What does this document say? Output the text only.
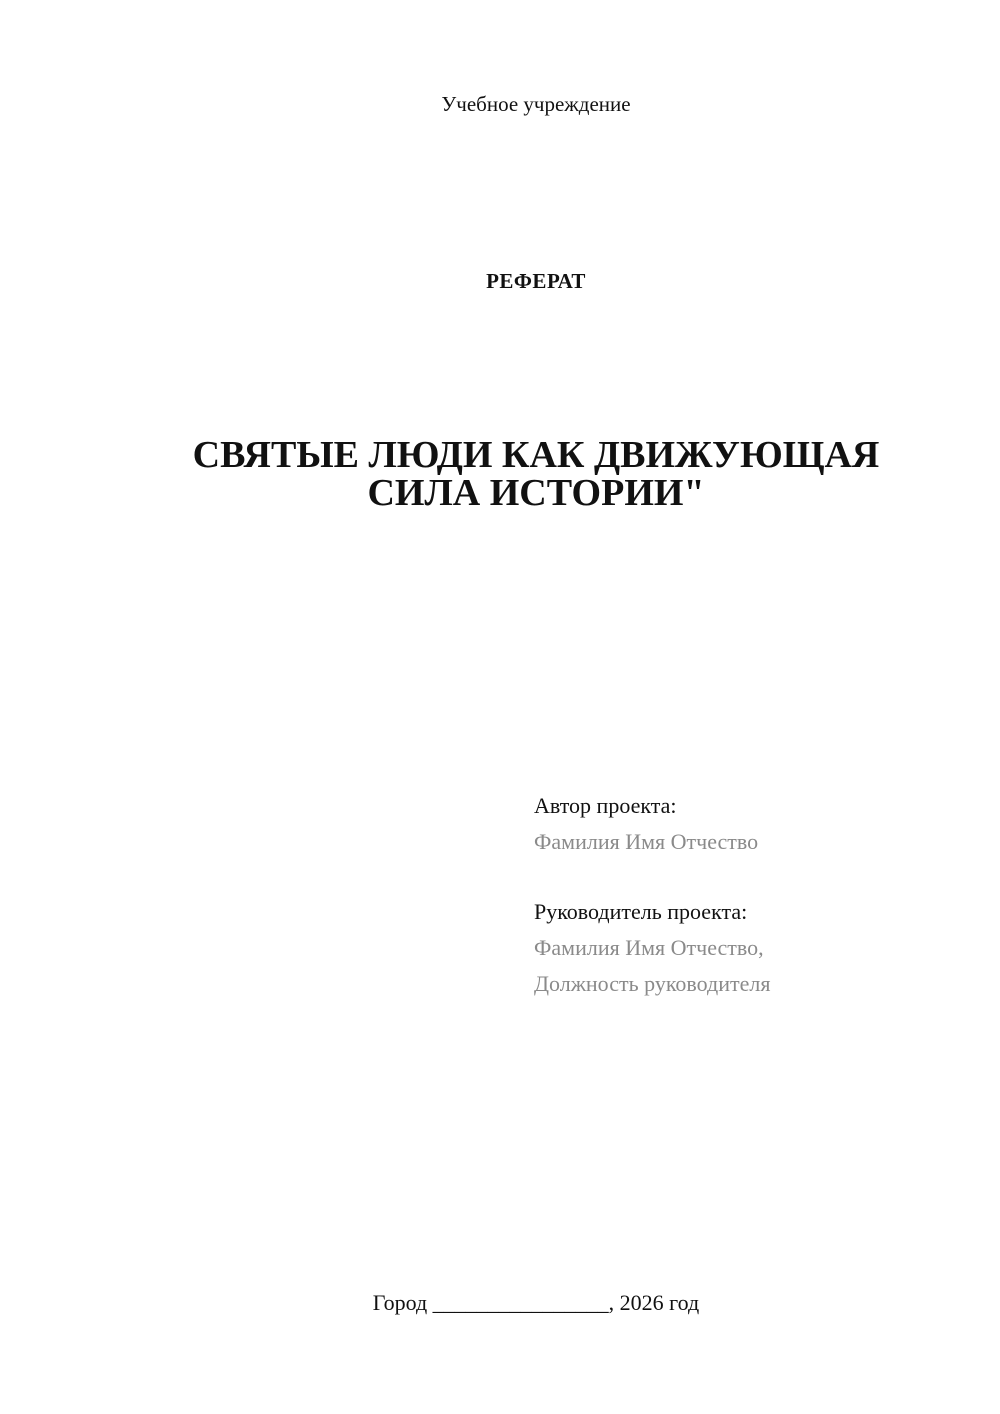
Учебное учреждение
РЕФЕРАТ
СВЯТЫЕ ЛЮДИ КАК ДВИЖУЮЩАЯ
СИЛА ИСТОРИИ"
Автор проекта:
Фамилия Имя Отчество
Руководитель проекта:
Фамилия Имя Отчество,
Должность руководителя
Город ________________, 2026 год
